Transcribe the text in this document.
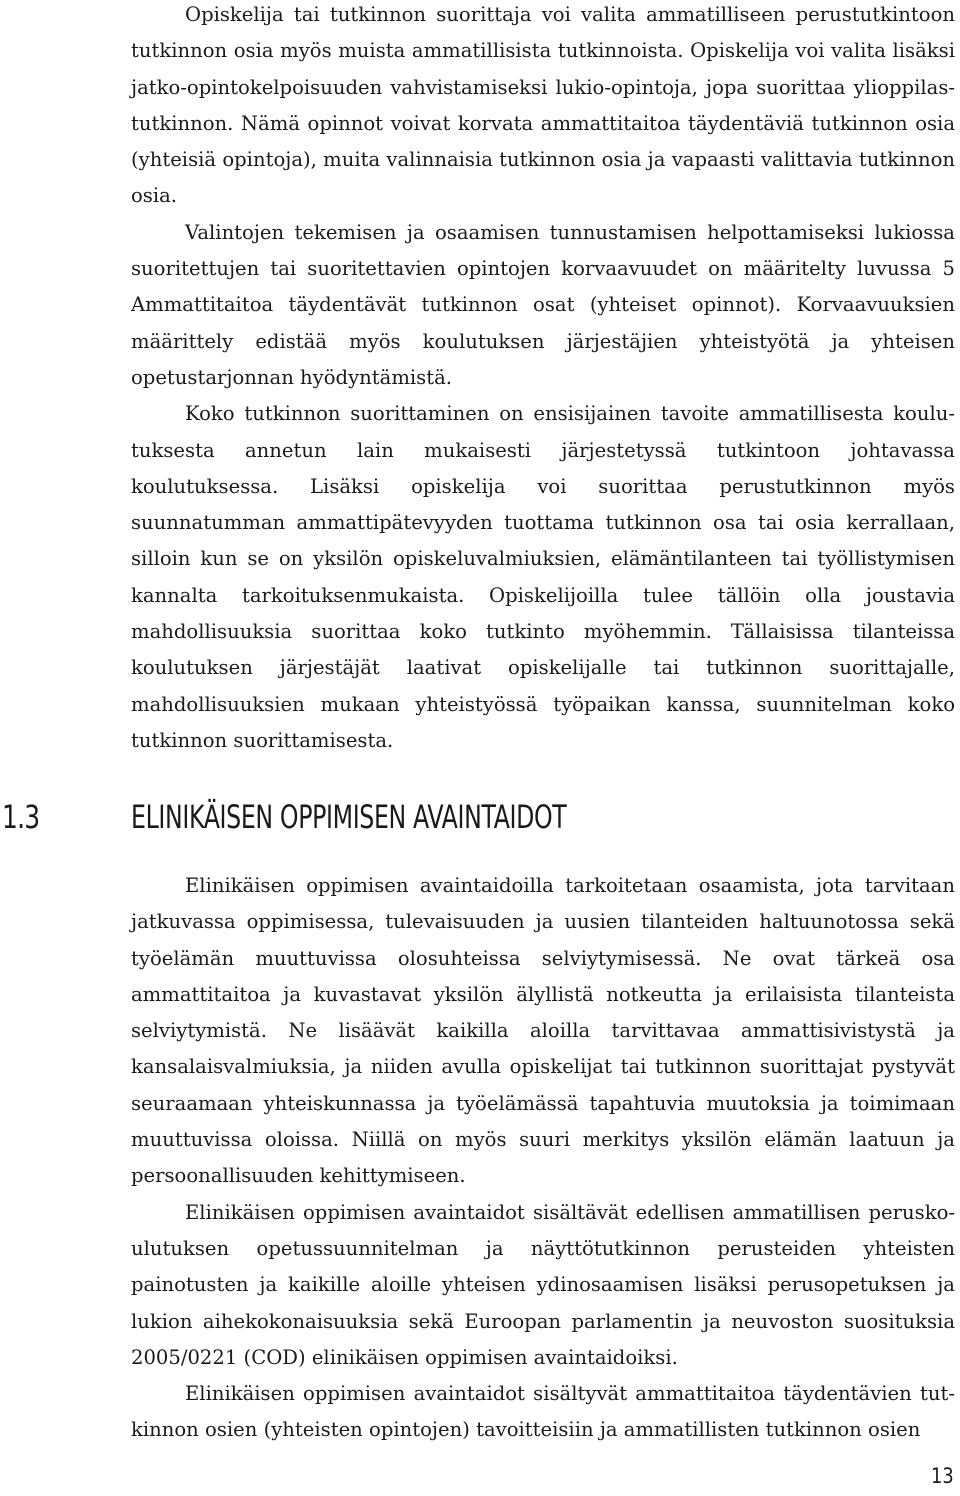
Opiskelija tai tutkinnon suorittaja voi valita ammatilliseen perustutkintoon tutkinnon osia myös muista ammatillisista tutkinnoista. Opiskelija voi valita lisäksi jatko-opintokelpoisuuden vahvistamiseksi lukio-opintoja, jopa suorittaa ylioppilastutkinnon. Nämä opinnot voivat korvata ammattitaitoa täydentäviä tutkinnon osia (yhteisiä opintoja), muita valinnaisia tutkinnon osia ja vapaasti valittavia tutkinnon osia.

Valintojen tekemisen ja osaamisen tunnustamisen helpottamiseksi lukiossa suoritettujen tai suoritettavien opintojen korvaavuudet on määritelty luvussa 5 Ammattitaitoa täydentävät tutkinnon osat (yhteiset opinnot). Korvaavuuksien määrittely edistää myös koulutuksen järjestäjien yhteistyötä ja yhteisen opetustarjonnan hyödyntämistä.

Koko tutkinnon suorittaminen on ensisijainen tavoite ammatillisesta koulutuksesta annetun lain mukaisesti järjestetyssä tutkintoon johtavassa koulutuksessa. Lisäksi opiskelija voi suorittaa perustutkinnon myös suunnatumman ammattipätevyyden tuottama tutkinnon osa tai osia kerrallaan, silloin kun se on yksilön opiskeluvalmiuksien, elämäntilanteen tai työllistymisen kannalta tarkoituksenmukaista. Opiskelijoilla tulee tällöin olla joustavia mahdollisuuksia suorittaa koko tutkinto myöhemmin. Tällaisissa tilanteissa koulutuksen järjestäjät laativat opiskelijalle tai tutkinnon suorittajalle, mahdollisuuksien mukaan yhteistyössä työpaikan kanssa, suunnitelman koko tutkinnon suorittamisesta.

1.3	ELINIKÄISEN OPPIMISEN AVAINTAIDOT

Elinikäisen oppimisen avaintaidoilla tarkoitetaan osaamista, jota tarvitaan jatkuvassa oppimisessa, tulevaisuuden ja uusien tilanteiden haltuunotossa sekä työelämän muuttuvissa olosuhteissa selviytymisessä. Ne ovat tärkeä osa ammattitaitoa ja kuvastavat yksilön älyllistä notkeutta ja erilaisista tilanteista selviytymistä. Ne lisäävät kaikilla aloilla tarvittavaa ammattisivistystä ja kansalaisvalmiuksia, ja niiden avulla opiskelijat tai tutkinnon suorittajat pystyvät seuraamaan yhteiskunnassa ja työelämässä tapahtuvia muutoksia ja toimimaan muuttuvissa oloissa. Niillä on myös suuri merkitys yksilön elämän laatuun ja persoonallisuuden kehittymiseen.

Elinikäisen oppimisen avaintaidot sisältävät edellisen ammatillisen peruskoulutuksen opetussuunnitelman ja näyttötutkinnon perusteiden yhteisten painotusten ja kaikille aloille yhteisen ydinosaamisen lisäksi perusopetuksen ja lukion aihekokonaisuuksia sekä Euroopan parlamentin ja neuvoston suosituksia 2005/0221 (COD) elinikäisen oppimisen avaintaidoiksi.

Elinikäisen oppimisen avaintaidot sisältyvät ammattitaitoa täydentävien tutkinnon osien (yhteisten opintojen) tavoitteisiin ja ammatillisten tutkinnon osien

13
